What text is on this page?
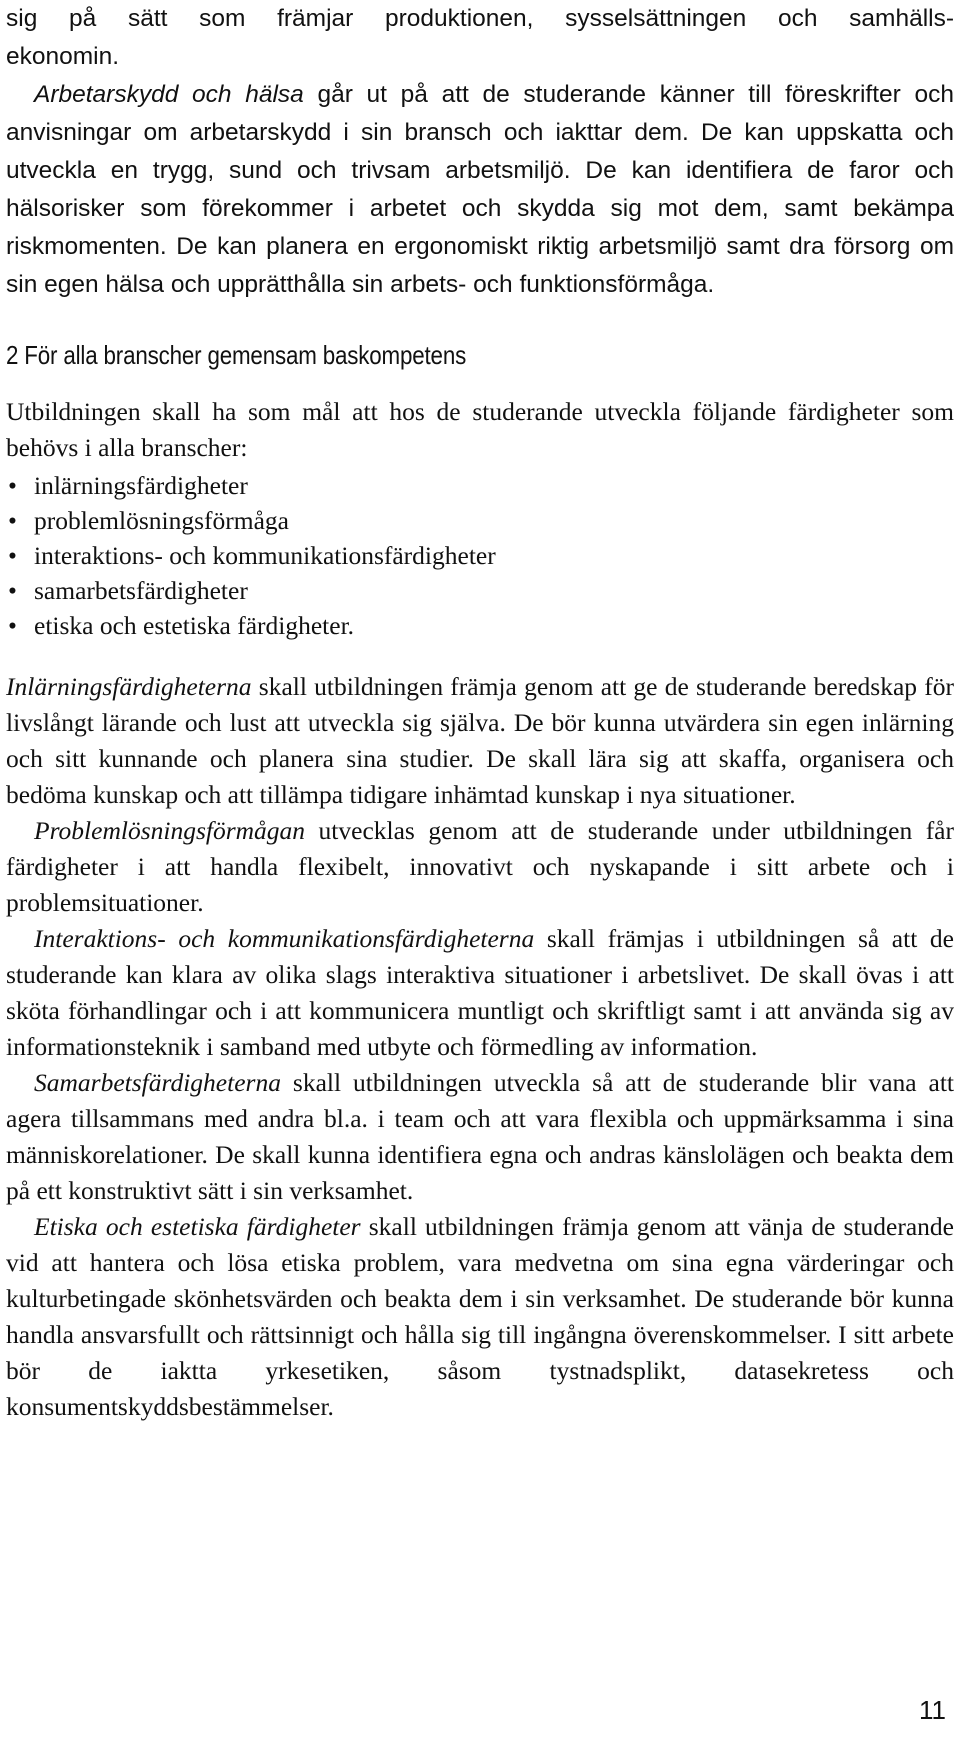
sig på sätt som främjar produktionen, sysselsättningen och samhälls-

ekonomin.

Arbetarskydd och hälsa går ut på att de studerande känner till föreskrifter och anvisningar om arbetarskydd i sin bransch och iakttar dem. De kan uppskatta och utveckla en trygg, sund och trivsam arbetsmiljö. De kan identifiera de faror och hälsorisker som förekommer i arbetet och skydda sig mot dem, samt bekämpa riskmomenten. De kan planera en ergonomiskt riktig arbetsmiljö samt dra försorg om sin egen hälsa och upprätthålla sin arbets- och funktionsförmåga.

2 För alla branscher gemensam baskompetens

Utbildningen skall ha som mål att hos de studerande utveckla följande färdigheter som behövs i alla branscher:

• inlärningsfärdigheter
• problemlösningsförmåga
• interaktions- och kommunikationsfärdigheter
• samarbetsfärdigheter
• etiska och estetiska färdigheter.

Inlärningsfärdigheterna skall utbildningen främja genom att ge de studerande beredskap för livslångt lärande och lust att utveckla sig själva. De bör kunna utvärdera sin egen inlärning och sitt kunnande och planera sina studier. De skall lära sig att skaffa, organisera och bedöma kunskap och att tillämpa tidigare inhämtad kunskap i nya situationer.

Problemlösningsförmågan utvecklas genom att de studerande under utbildningen får färdigheter i att handla flexibelt, innovativt och nyskapande i sitt arbete och i problemsituationer.

Interaktions- och kommunikationsfärdigheterna skall främjas i utbildningen så att de studerande kan klara av olika slags interaktiva situationer i arbetslivet. De skall övas i att sköta förhandlingar och i att kommunicera muntligt och skriftligt samt i att använda sig av informationsteknik i samband med utbyte och förmedling av information.

Samarbetsfärdigheterna skall utbildningen utveckla så att de studerande blir vana att agera tillsammans med andra bl.a. i team och att vara flexibla och uppmärksamma i sina människorelationer. De skall kunna identifiera egna och andras känslolägen och beakta dem på ett konstruktivt sätt i sin verksamhet.

Etiska och estetiska färdigheter skall utbildningen främja genom att vänja de studerande vid att hantera och lösa etiska problem, vara medvetna om sina egna värderingar och kulturbetingade skönhetsvärden och beakta dem i sin verksamhet. De studerande bör kunna handla ansvarsfullt och rättsinnigt och hålla sig till ingångna överenskommelser. I sitt arbete bör de iaktta yrkesetiken, såsom tystnadsplikt, datasekretess och konsumentskyddsbestämmelser.

11
